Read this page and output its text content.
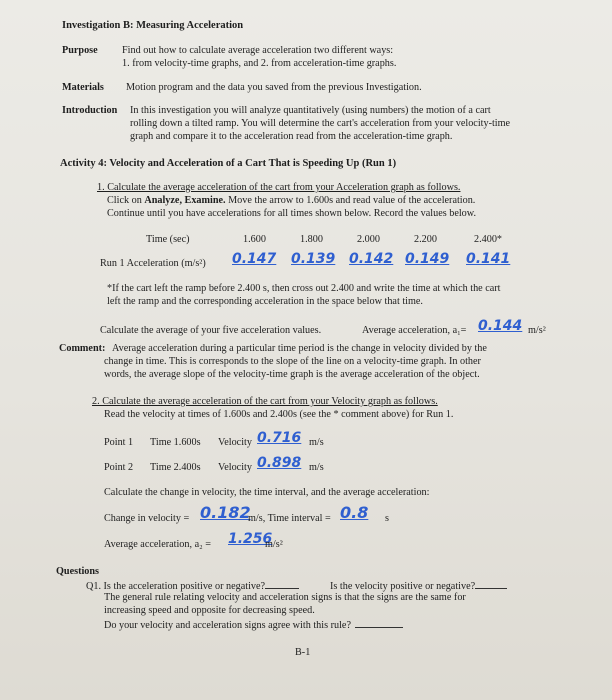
Investigation B: Measuring Acceleration
Purpose Find out how to calculate average acceleration two different ways:
1. from velocity-time graphs, and 2. from acceleration-time graphs.
Materials Motion program and the data you saved from the previous Investigation.
Introduction In this investigation you will analyze quantitatively (using numbers) the motion of a cart
rolling down a tilted ramp. You will determine the cart's acceleration from your velocity-time
graph and compare it to the acceleration read from the acceleration-time graph.
Activity 4: Velocity and Acceleration of a Cart That is Speeding Up (Run 1)
1. Calculate the average acceleration of the cart from your Acceleration graph as follows.
Click on Analyze, Examine. Move the arrow to 1.600s and read value of the acceleration.
Continue until you have accelerations for all times shown below. Record the values below.
Time (sec)	1.600	1.800	2.000	2.200	2.400*
Run 1 Acceleration (m/s²) 0.147 0.139 0.142 0.149 0.141
*If the cart left the ramp before 2.400 s, then cross out 2.400 and write the time at which the cart
left the ramp and the corresponding acceleration in the space below that time.
Calculate the average of your five acceleration values.	Average acceleration, a₁= 0.144 m/s²
Comment: Average acceleration during a particular time period is the change in velocity divided by the
change in time. This is corresponds to the slope of the line on a velocity-time graph. In other
words, the average slope of the velocity-time graph is the average acceleration of the object.
2. Calculate the average acceleration of the cart from your Velocity graph as follows.
Read the velocity at times of 1.600s and 2.400s (see the * comment above) for Run 1.
Point 1 Time 1.600s Velocity 0.716 m/s
Point 2 Time 2.400s Velocity 0.898 m/s
Calculate the change in velocity, the time interval, and the average acceleration:
Change in velocity = 0.182
m/s, Time interval = 0.8 s
Average acceleration, a₂ = 1.256
m/s²
Questions
Q1. Is the acceleration positive or negative?	Is the velocity positive or negative?
The general rule relating velocity and acceleration signs is that the signs are the same for
increasing speed and opposite for decreasing speed.
Do your velocity and acceleration signs agree with this rule?
B-1
